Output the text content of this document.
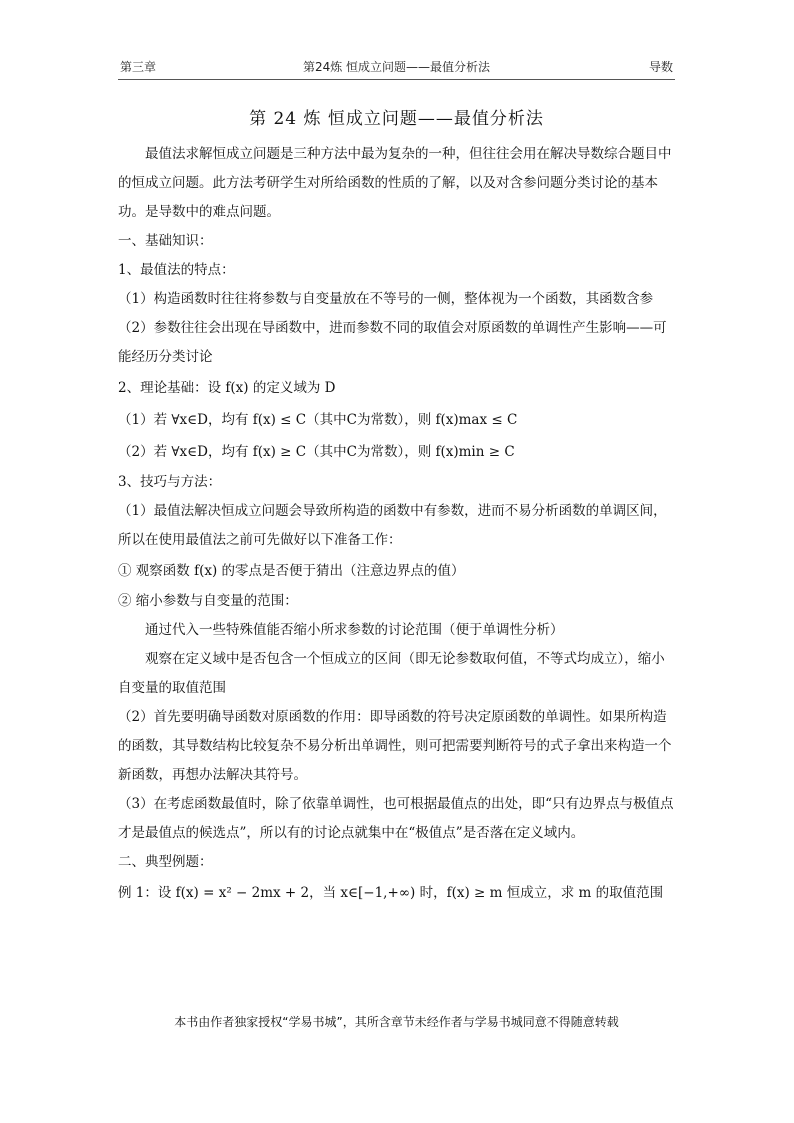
第三章	第24炼 恒成立问题——最值分析法	导数
第 24 炼 恒成立问题——最值分析法

最值法求解恒成立问题是三种方法中最为复杂的一种，但往往会用在解决导数综合题目中的恒成立问题。此方法考研学生对所给函数的性质的了解，以及对含参问题分类讨论的基本功。是导数中的难点问题。

一、基础知识：

1、最值法的特点：

（1）构造函数时往往将参数与自变量放在不等号的一侧，整体视为一个函数，其函数含参

（2）参数往往会出现在导函数中，进而参数不同的取值会对原函数的单调性产生影响——可能经历分类讨论

2、理论基础：设 f(x) 的定义域为 D

（1）若 ∀x∈D，均有 f(x) ≤ C（其中C为常数），则 f(x)max ≤ C

（2）若 ∀x∈D，均有 f(x) ≥ C（其中C为常数），则 f(x)min ≥ C

3、技巧与方法：

（1）最值法解决恒成立问题会导致所构造的函数中有参数，进而不易分析函数的单调区间，所以在使用最值法之前可先做好以下准备工作：

① 观察函数 f(x) 的零点是否便于猜出（注意边界点的值）

② 缩小参数与自变量的范围：

通过代入一些特殊值能否缩小所求参数的讨论范围（便于单调性分析）

观察在定义域中是否包含一个恒成立的区间（即无论参数取何值，不等式均成立），缩小自变量的取值范围

（2）首先要明确导函数对原函数的作用：即导函数的符号决定原函数的单调性。如果所构造的函数，其导数结构比较复杂不易分析出单调性，则可把需要判断符号的式子拿出来构造一个新函数，再想办法解决其符号。

（3）在考虑函数最值时，除了依靠单调性，也可根据最值点的出处，即“只有边界点与极值点才是最值点的候选点”，所以有的讨论点就集中在“极值点”是否落在定义域内。

二、典型例题：

例 1：设 f(x) = x² − 2mx + 2，当 x∈[−1,+∞) 时，f(x) ≥ m 恒成立，求 m 的取值范围

本书由作者独家授权“学易书城”，其所含章节未经作者与学易书城同意不得随意转载
